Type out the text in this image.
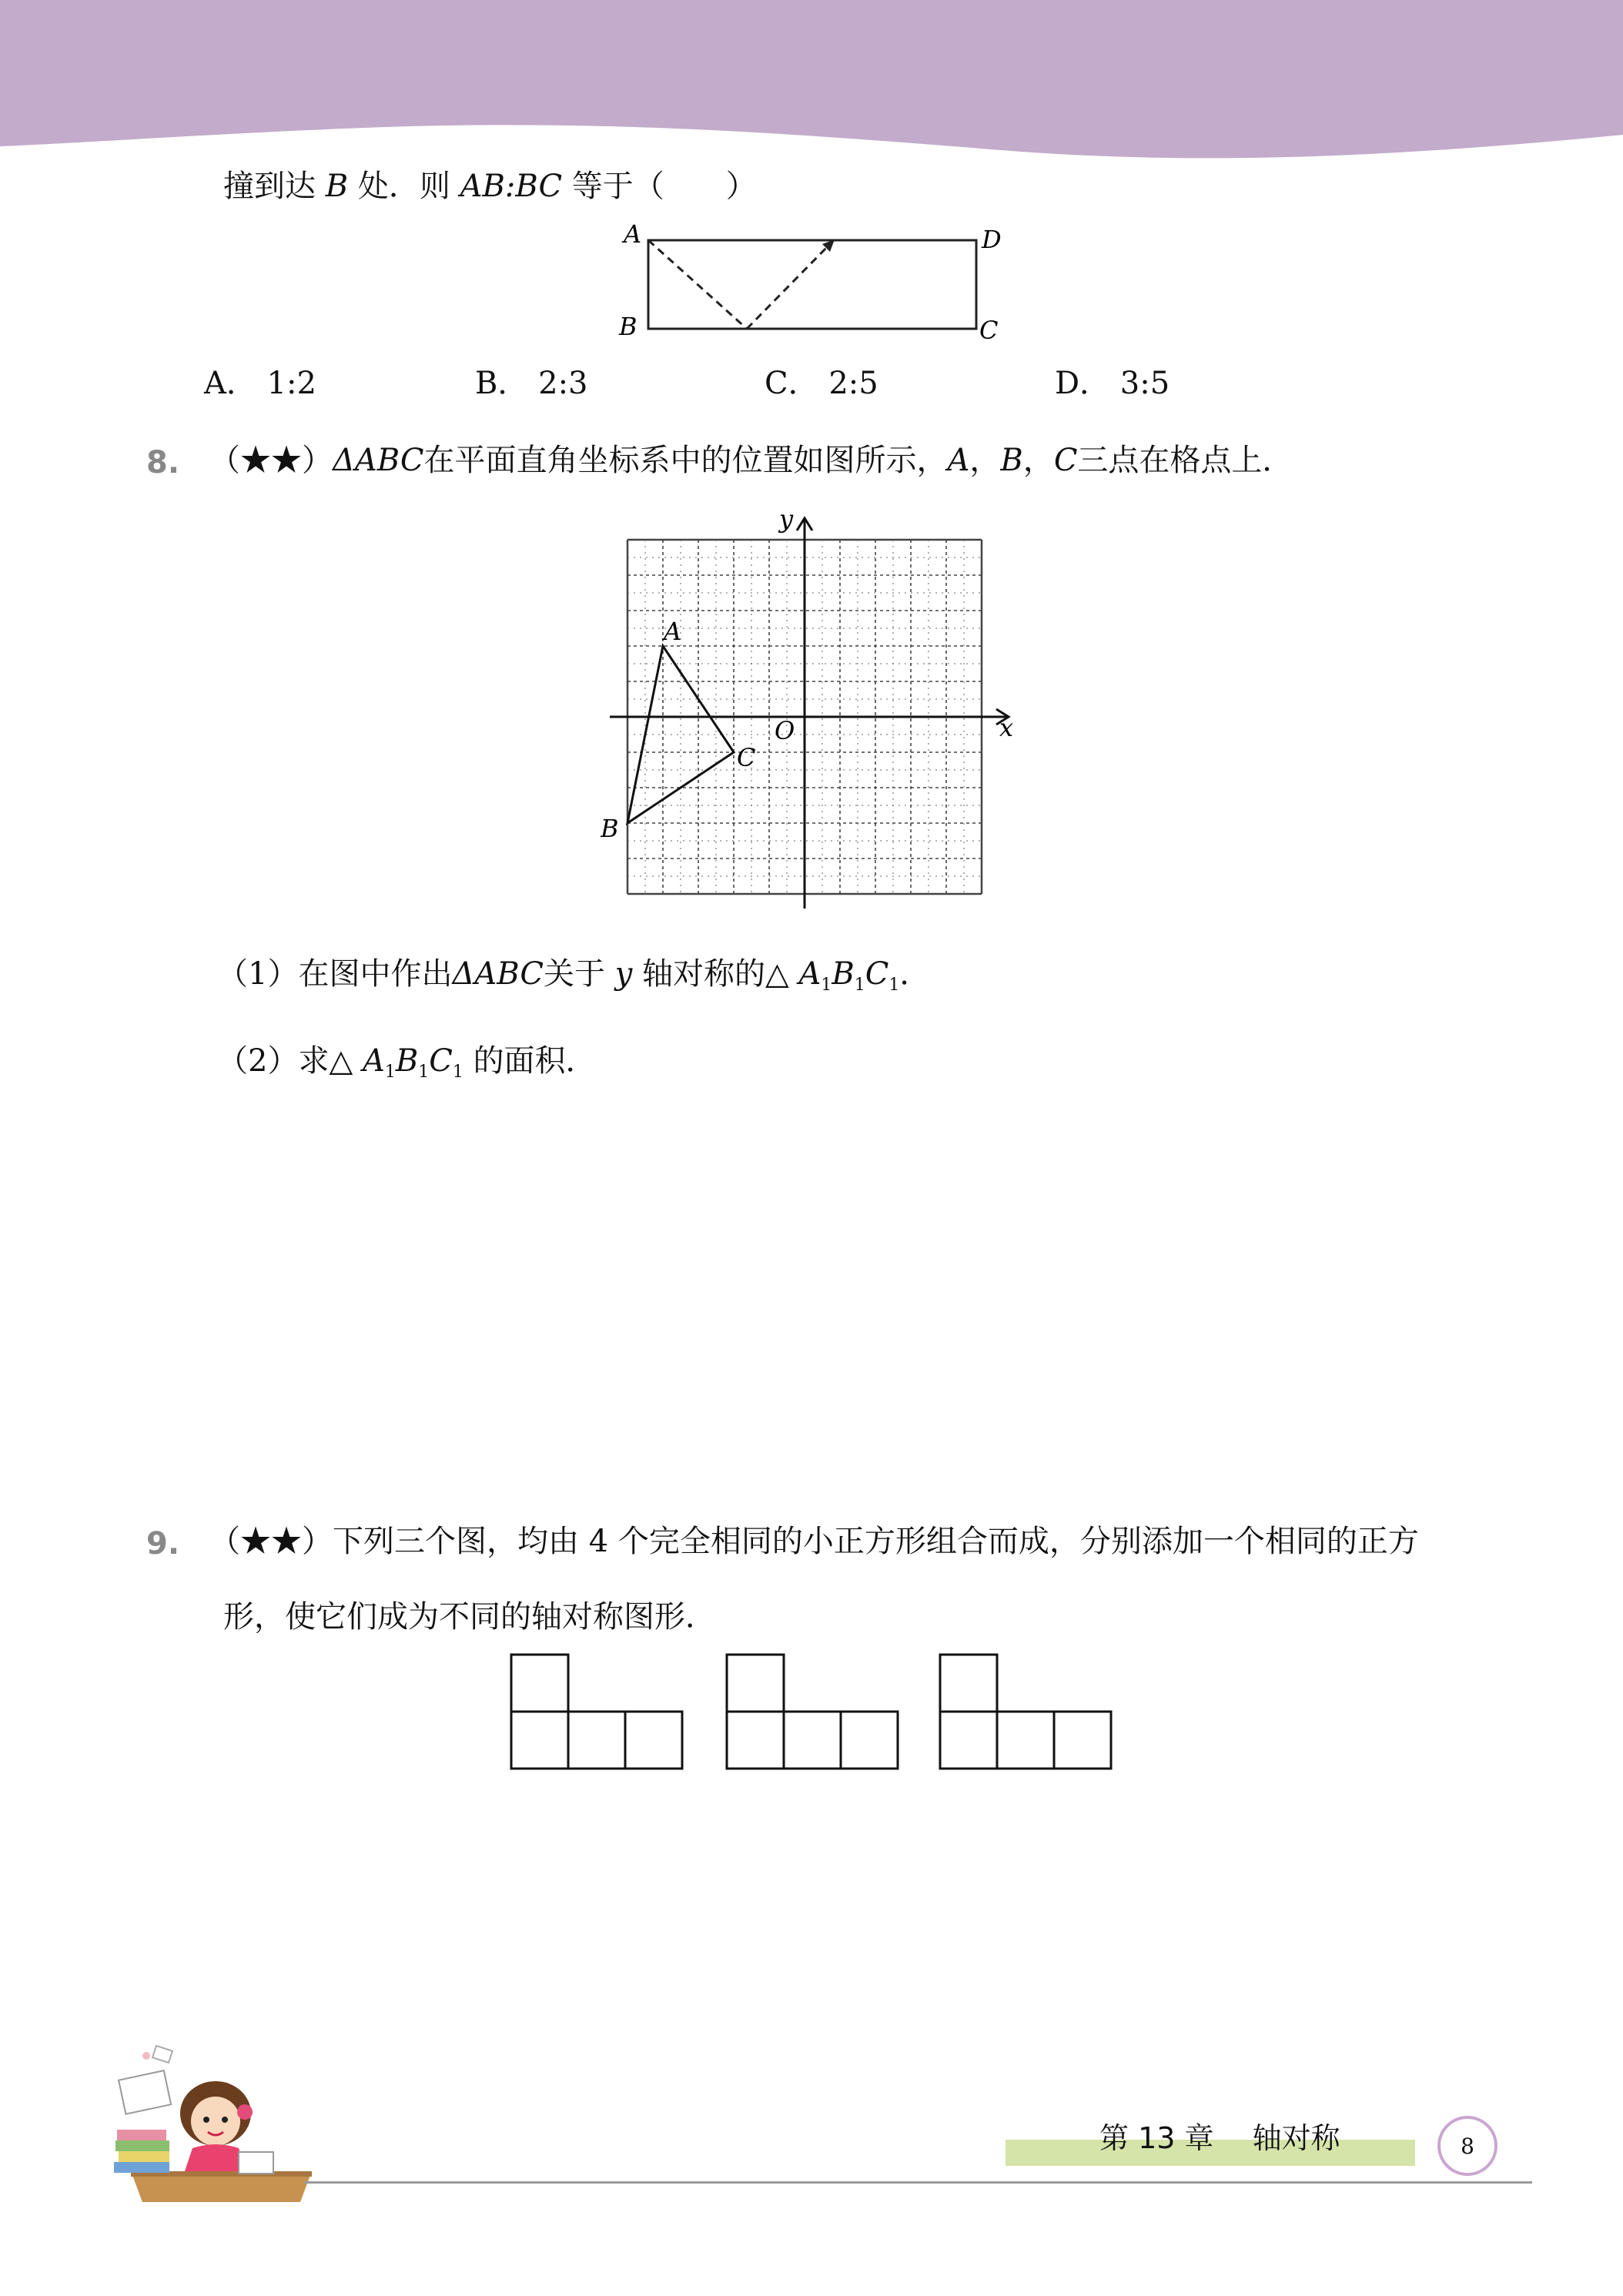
撞到达 B 处．则 AB:BC 等于（　　）
A	D
B	C
A． 1:2	B． 2:3	C． 2:5	D． 3:5
8. （★★）ΔABC在平面直角坐标系中的位置如图所示，A，B，C三点在格点上．
y
x
O
A
B
C
（1）在图中作出ΔABC关于 y 轴对称的△ $A_1B_1C_1$．
（2）求△ $A_1B_1C_1$ 的面积．
9. （★★）下列三个图，均由 4 个完全相同的小正方形组合而成，分别添加一个相同的正方
形，使它们成为不同的轴对称图形．
第 13 章　 轴对称	8
